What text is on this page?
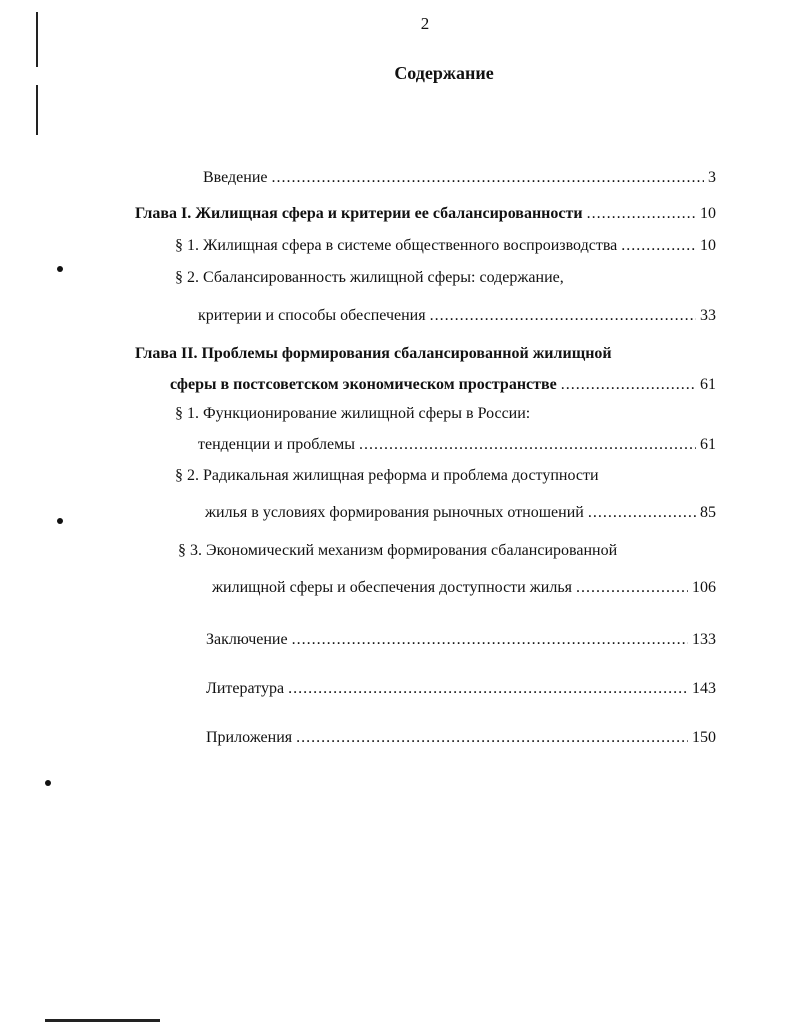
2
Содержание
Введение .....	3
Глава I. Жилищная сфера и критерии ее сбалансированности .....	10
§ 1. Жилищная сфера в системе общественного воспроизводства .....	10
§ 2. Сбалансированность жилищной сферы: содержание,
критерии и способы обеспечения .....	33
Глава II. Проблемы формирования сбалансированной жилищной
сферы в постсоветском экономическом пространстве .....	61
§ 1. Функционирование жилищной сферы в России:
тенденции и проблемы .....	61
§ 2. Радикальная жилищная реформа и проблема доступности
жилья в условиях формирования рыночных отношений .....	85
§ 3. Экономический механизм формирования сбалансированной
жилищной сферы и обеспечения доступности жилья .....	106
Заключение .....	133
Литература .....	143
Приложения .....	150
